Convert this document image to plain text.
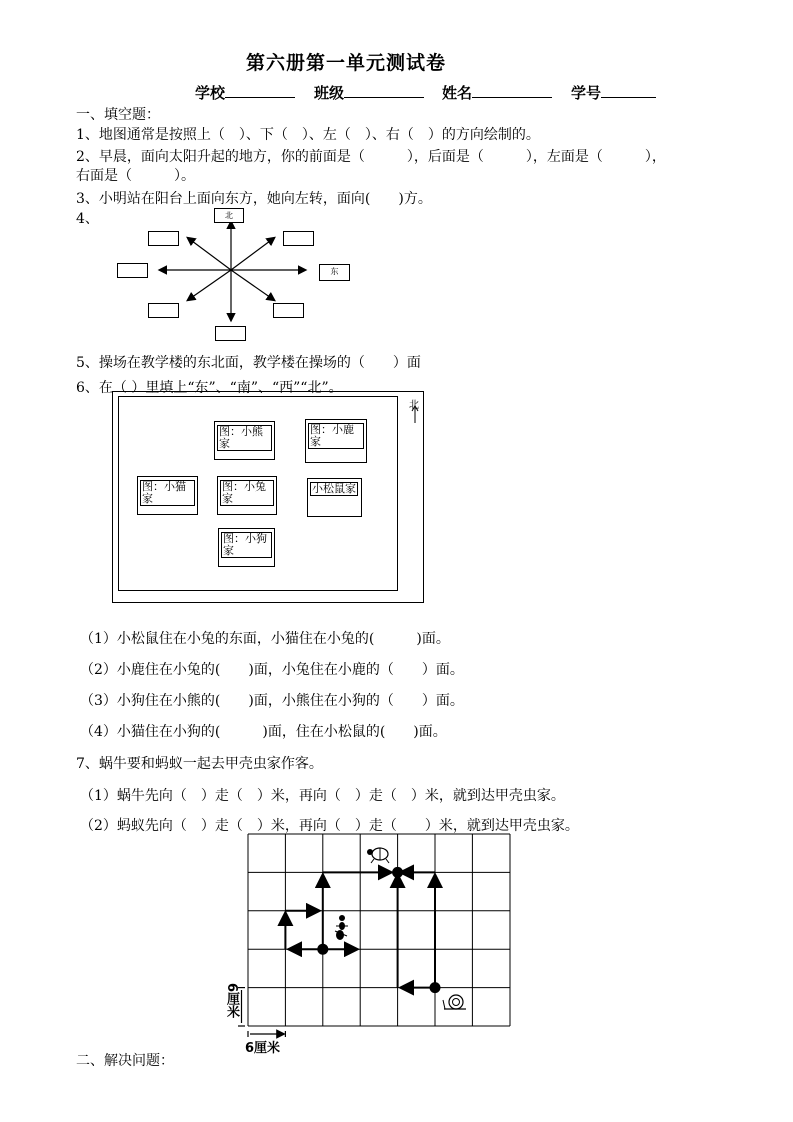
第六册第一单元测试卷
学校	班级	姓名	学号
一、填空题：
1、地图通常是按照上（　）、下（　）、左（　）、右（　）的方向绘制的。
2、早晨，面向太阳升起的地方，你的前面是（　　　），后面是（　　　），左面是（　　　），
右面是（　　　）。
3、小明站在阳台上面向东方，她向左转，面向(　　)方。
4、	北
东
5、操场在教学楼的东北面，教学楼在操场的（　　）面
6、在（ ）里填上“东”、“南”、“西”“北”。
北
图：小熊家
图：小鹿家
图：小猫家
图：小兔家
小松鼠家
图：小狗家
（1）小松鼠住在小兔的东面，小猫住在小兔的(　　　)面。
（2）小鹿住在小兔的(　　)面，小兔住在小鹿的（　　）面。
（3）小狗住在小熊的(　　)面，小熊住在小狗的（　　）面。
（4）小猫住在小狗的(　　　)面，住在小松鼠的(　　)面。
7、蜗牛要和蚂蚁一起去甲壳虫家作客。
（1）蜗牛先向（　）走（　）米，再向（　）走（　）米，就到达甲壳虫家。
（2）蚂蚁先向（　）走（　）米，再向（　）走（　　）米，就到达甲壳虫家。
6厘米
6厘米
二、解决问题：
